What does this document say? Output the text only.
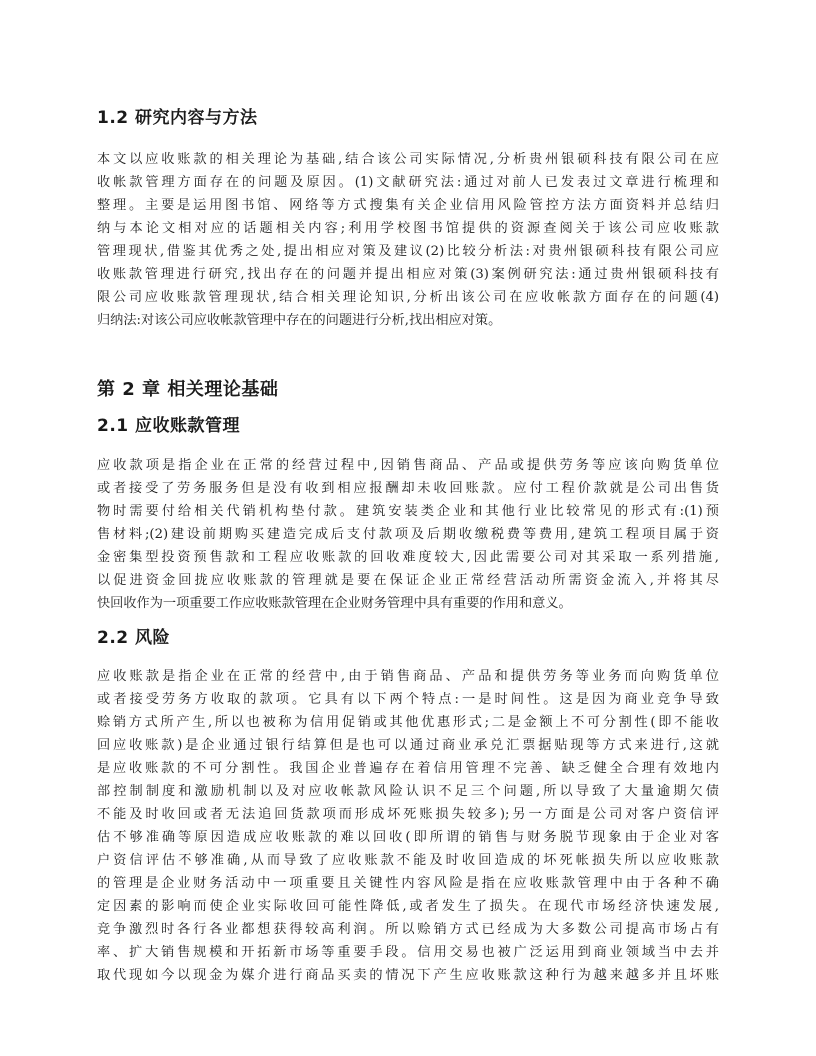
1.2 研究内容与方法
本文以应收账款的相关理论为基础,结合该公司实际情况,分析贵州银硕科技有限公司在应
收帐款管理方面存在的问题及原因。(1)文献研究法:通过对前人已发表过文章进行梳理和
整理。主要是运用图书馆、网络等方式搜集有关企业信用风险管控方法方面资料并总结归
纳与本论文相对应的话题相关内容;利用学校图书馆提供的资源查阅关于该公司应收账款
管理现状,借鉴其优秀之处,提出相应对策及建议(2)比较分析法:对贵州银硕科技有限公司应
收账款管理进行研究,找出存在的问题并提出相应对策(3)案例研究法:通过贵州银硕科技有
限公司应收账款管理现状,结合相关理论知识,分析出该公司在应收帐款方面存在的问题(4)
归纳法:对该公司应收帐款管理中存在的问题进行分析,找出相应对策。
第 2 章 相关理论基础
2.1 应收账款管理
应收款项是指企业在正常的经营过程中,因销售商品、产品或提供劳务等应该向购货单位
或者接受了劳务服务但是没有收到相应报酬却未收回账款。应付工程价款就是公司出售货
物时需要付给相关代销机构垫付款。建筑安装类企业和其他行业比较常见的形式有:(1)预
售材料;(2)建设前期购买建造完成后支付款项及后期收缴税费等费用,建筑工程项目属于资
金密集型投资预售款和工程应收账款的回收难度较大,因此需要公司对其采取一系列措施,
以促进资金回拢应收账款的管理就是要在保证企业正常经营活动所需资金流入,并将其尽
快回收作为一项重要工作应收账款管理在企业财务管理中具有重要的作用和意义。
2.2 风险
应收账款是指企业在正常的经营中,由于销售商品、产品和提供劳务等业务而向购货单位
或者接受劳务方收取的款项。它具有以下两个特点:一是时间性。这是因为商业竞争导致
赊销方式所产生,所以也被称为信用促销或其他优惠形式;二是金额上不可分割性(即不能收
回应收账款)是企业通过银行结算但是也可以通过商业承兑汇票据贴现等方式来进行,这就
是应收账款的不可分割性。我国企业普遍存在着信用管理不完善、缺乏健全合理有效地内
部控制制度和激励机制以及对应收帐款风险认识不足三个问题,所以导致了大量逾期欠债
不能及时收回或者无法追回货款项而形成坏死账损失较多);另一方面是公司对客户资信评
估不够准确等原因造成应收账款的难以回收(即所谓的销售与财务脱节现象由于企业对客
户资信评估不够准确,从而导致了应收账款不能及时收回造成的坏死帐损失所以应收账款
的管理是企业财务活动中一项重要且关键性内容风险是指在应收账款管理中由于各种不确
定因素的影响而使企业实际收回可能性降低,或者发生了损失。在现代市场经济快速发展,
竞争激烈时各行各业都想获得较高利润。所以赊销方式已经成为大多数公司提高市场占有
率、扩大销售规模和开拓新市场等重要手段。信用交易也被广泛运用到商业领域当中去并
取代现如今以现金为媒介进行商品买卖的情况下产生应收账款这种行为越来越多并且坏账
